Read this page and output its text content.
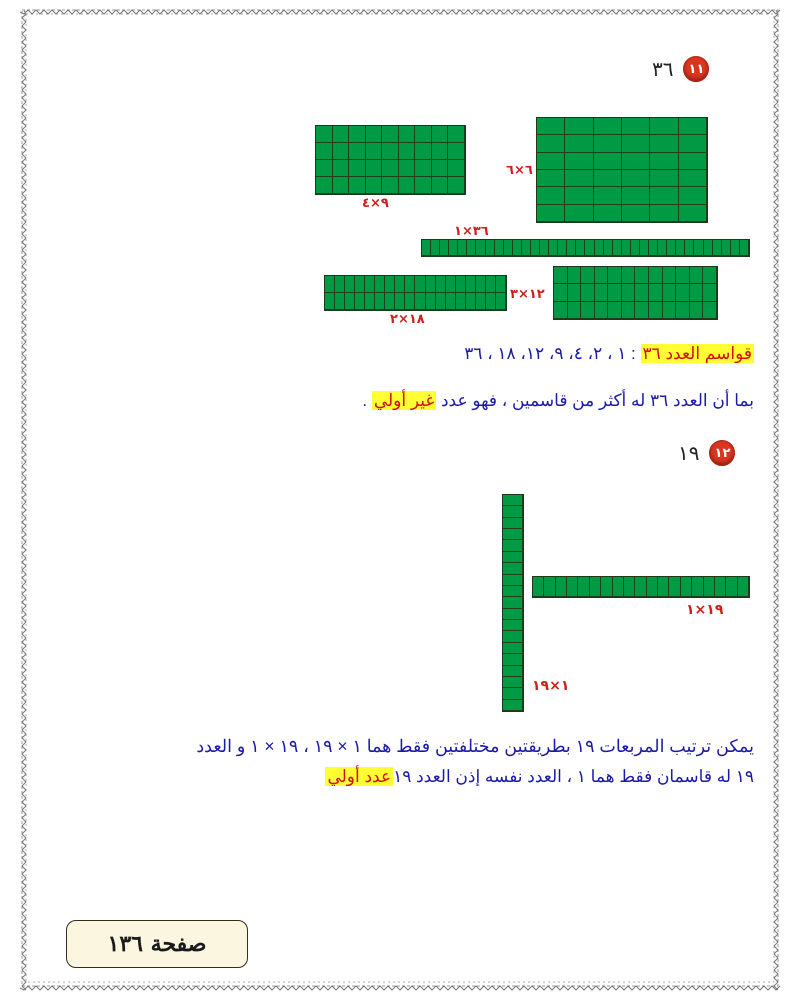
٣٦	١١
٦×٦
٩×٤
٣٦×١
١٢×٣
١٨×٢
قواسم العدد ٣٦ : ١ ، ٢، ٤، ٩، ١٢، ١٨ ، ٣٦
بما أن العدد ٣٦ له أكثر من قاسمين ، فهو عدد غير أولي .
١٩	١٢
١٩×١
١×١٩
يمكن ترتيب المربعات ١٩ بطريقتين مختلفتين فقط هما ١ × ١٩ ، ١٩ × ١ و العدد
١٩ له قاسمان فقط هما ١ ، العدد نفسه إذن العدد ١٩عدد أولي
صفحة ١٣٦
